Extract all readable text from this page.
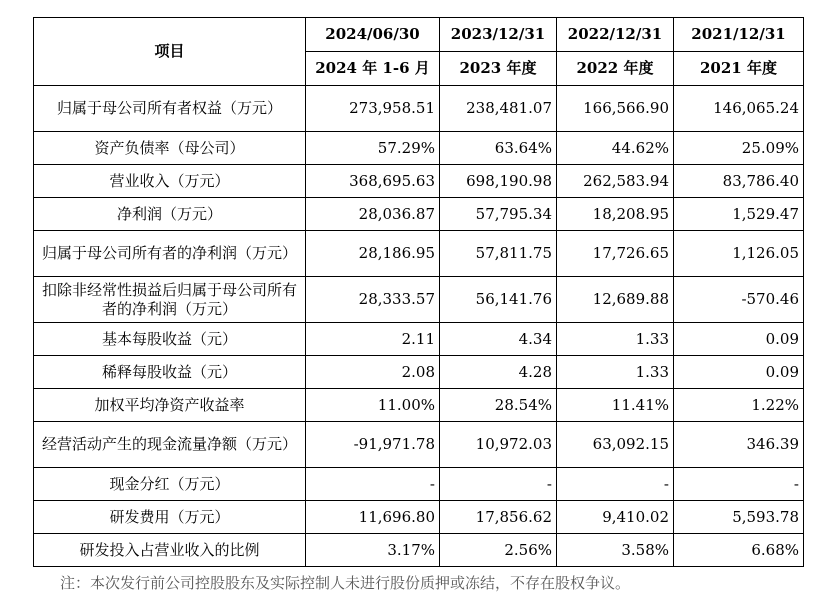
项目	2024/06/30	2023/12/31	2022/12/31	2021/12/31
	2024 年 1-6 月	2023 年度	2022 年度	2021 年度
归属于母公司所有者权益（万元）	273,958.51	238,481.07	166,566.90	146,065.24
资产负债率（母公司）	57.29%	63.64%	44.62%	25.09%
营业收入（万元）	368,695.63	698,190.98	262,583.94	83,786.40
净利润（万元）	28,036.87	57,795.34	18,208.95	1,529.47
归属于母公司所有者的净利润（万元）	28,186.95	57,811.75	17,726.65	1,126.05
扣除非经常性损益后归属于母公司所有者的净利润（万元）	28,333.57	56,141.76	12,689.88	-570.46
基本每股收益（元）	2.11	4.34	1.33	0.09
稀释每股收益（元）	2.08	4.28	1.33	0.09
加权平均净资产收益率	11.00%	28.54%	11.41%	1.22%
经营活动产生的现金流量净额（万元）	-91,971.78	10,972.03	63,092.15	346.39
现金分红（万元）	-	-	-	-
研发费用（万元）	11,696.80	17,856.62	9,410.02	5,593.78
研发投入占营业收入的比例	3.17%	2.56%	3.58%	6.68%
注：本次发行前公司控股股东及实际控制人未进行股份质押或冻结，不存在股权争议。
